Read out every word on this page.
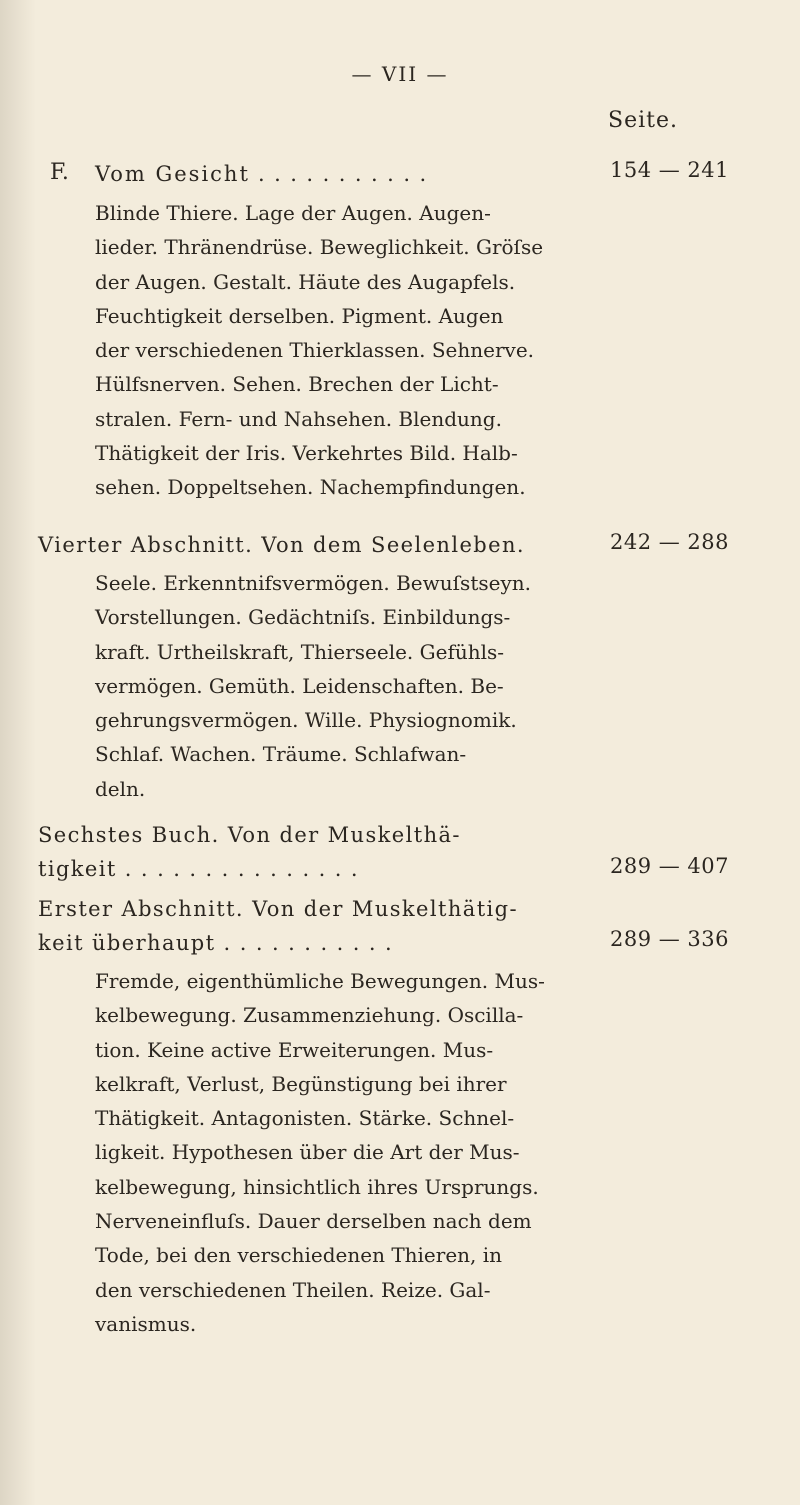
— VII —
Seite.
F. Vom Gesicht . . . . . . . . . . .	154 — 241
Blinde Thiere. Lage der Augen. Augen-
lieder. Thränendrüse. Beweglichkeit. Gröſse
der Augen. Gestalt. Häute des Augapfels.
Feuchtigkeit derselben. Pigment. Augen
der verschiedenen Thierklassen. Sehnerve.
Hülfsnerven. Sehen. Brechen der Licht-
stralen. Fern- und Nahsehen. Blendung.
Thätigkeit der Iris. Verkehrtes Bild. Halb-
sehen. Doppeltsehen. Nachempfindungen.
Vierter Abschnitt. Von dem Seelenleben.	242 — 288
Seele. Erkenntnifsvermögen. Bewuſstseyn.
Vorstellungen. Gedächtniſs. Einbildungs-
kraft. Urtheilskraft, Thierseele. Gefühls-
vermögen. Gemüth. Leidenschaften. Be-
gehrungsvermögen. Wille. Physiognomik.
Schlaf. Wachen. Träume. Schlafwan-
deln.
Sechstes Buch. Von der Muskelthä-
tigkeit . . . . . . . . . . . . . . .	289 — 407
Erster Abschnitt. Von der Muskelthätig-
keit überhaupt . . . . . . . . . . .	289 — 336
Fremde, eigenthümliche Bewegungen. Mus-
kelbewegung. Zusammenziehung. Oscilla-
tion. Keine active Erweiterungen. Mus-
kelkraft, Verlust, Begünstigung bei ihrer
Thätigkeit. Antagonisten. Stärke. Schnel-
ligkeit. Hypothesen über die Art der Mus-
kelbewegung, hinsichtlich ihres Ursprungs.
Nerveneinfluſs. Dauer derselben nach dem
Tode, bei den verschiedenen Thieren, in
den verschiedenen Theilen. Reize. Gal-
vanismus.
